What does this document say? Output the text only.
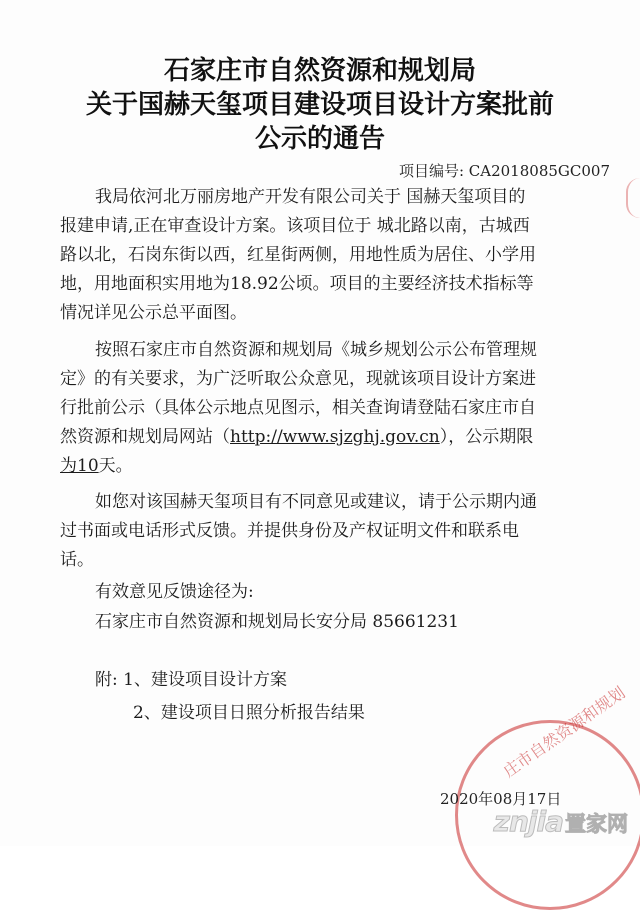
石家庄市自然资源和规划局
关于国赫天玺项目建设项目设计方案批前
公示的通告
项目编号: CA2018085GC007
我局依河北万丽房地产开发有限公司关于 国赫天玺项目的
报建申请,正在审查设计方案。该项目位于 城北路以南，古城西
路以北，石岗东街以西，红星街两侧，用地性质为居住、小学用
地，用地面积实用地为18.92公顷。项目的主要经济技术指标等
情况详见公示总平面图。
按照石家庄市自然资源和规划局《城乡规划公示公布管理规
定》的有关要求，为广泛听取公众意见，现就该项目设计方案进
行批前公示（具体公示地点见图示，相关查询请登陆石家庄市自
然资源和规划局网站（http://www.sjzghj.gov.cn），公示期限
为10天。
如您对该国赫天玺项目有不同意见或建议，请于公示期内通
过书面或电话形式反馈。并提供身份及产权证明文件和联系电
话。
有效意见反馈途径为:
石家庄市自然资源和规划局长安分局 85661231
附: 1、建设项目设计方案
2、建设项目日照分析报告结果	庄市自然资源和规划
2020年08月17日
znjia 置家网
